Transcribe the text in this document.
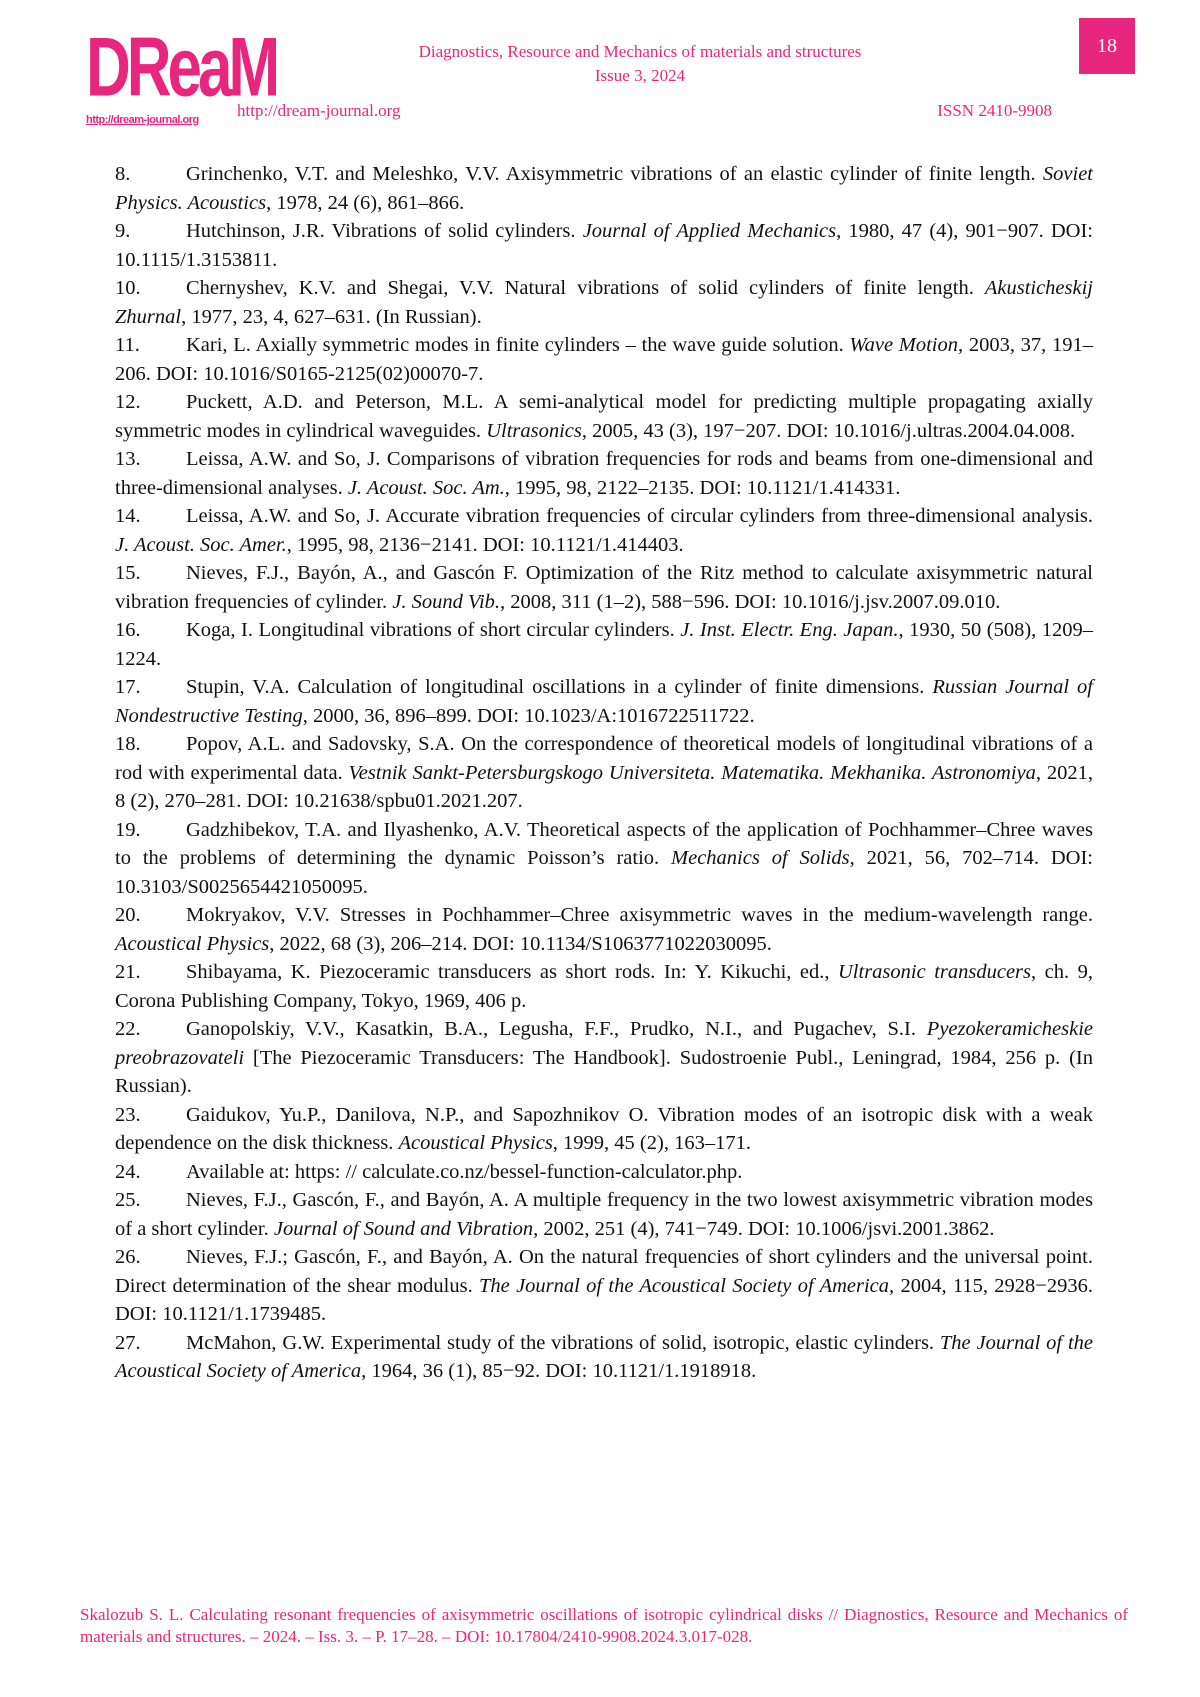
DReaM
http://dream-journal.org
Diagnostics, Resource and Mechanics of materials and structures
Issue 3, 2024
http://dream-journal.org	ISSN 2410-9908
18
8.	Grinchenko, V.T. and Meleshko, V.V. Axisymmetric vibrations of an elastic cylinder of finite length. Soviet Physics. Acoustics, 1978, 24 (6), 861–866.
9.	Hutchinson, J.R. Vibrations of solid cylinders. Journal of Applied Mechanics, 1980, 47 (4), 901−907. DOI: 10.1115/1.3153811.
10. Chernyshev, K.V. and Shegai, V.V. Natural vibrations of solid cylinders of finite length. Akusticheskij Zhurnal, 1977, 23, 4, 627–631. (In Russian).
11. Kari, L. Axially symmetric modes in finite cylinders – the wave guide solution. Wave Motion, 2003, 37, 191–206. DOI: 10.1016/S0165-2125(02)00070-7.
12. Puckett, A.D. and Peterson, M.L. A semi-analytical model for predicting multiple propagating axially symmetric modes in cylindrical waveguides. Ultrasonics, 2005, 43 (3), 197−207. DOI: 10.1016/j.ultras.2004.04.008.
13. Leissa, A.W. and So, J. Comparisons of vibration frequencies for rods and beams from one-dimensional and three-dimensional analyses. J. Acoust. Soc. Am., 1995, 98, 2122–2135. DOI: 10.1121/1.414331.
14. Leissa, A.W. and So, J. Accurate vibration frequencies of circular cylinders from three-dimensional analysis. J. Acoust. Soc. Amer., 1995, 98, 2136−2141. DOI: 10.1121/1.414403.
15. Nieves, F.J., Bayón, A., and Gascón F. Optimization of the Ritz method to calculate axisymmetric natural vibration frequencies of cylinder. J. Sound Vib., 2008, 311 (1–2), 588−596. DOI: 10.1016/j.jsv.2007.09.010.
16. Koga, I. Longitudinal vibrations of short circular cylinders. J. Inst. Electr. Eng. Japan., 1930, 50 (508), 1209–1224.
17. Stupin, V.A. Calculation of longitudinal oscillations in a cylinder of finite dimensions. Russian Journal of Nondestructive Testing, 2000, 36, 896–899. DOI: 10.1023/A:1016722511722.
18. Popov, A.L. and Sadovsky, S.A. On the correspondence of theoretical models of longitudinal vibrations of a rod with experimental data. Vestnik Sankt-Petersburgskogo Universiteta. Matematika. Mekhanika. Astronomiya, 2021, 8 (2), 270–281. DOI: 10.21638/spbu01.2021.207.
19. Gadzhibekov, T.A. and Ilyashenko, A.V. Theoretical aspects of the application of Pochhammer–Chree waves to the problems of determining the dynamic Poisson’s ratio. Mechanics of Solids, 2021, 56, 702–714. DOI: 10.3103/S0025654421050095.
20. Mokryakov, V.V. Stresses in Pochhammer–Chree axisymmetric waves in the medium-wavelength range. Acoustical Physics, 2022, 68 (3), 206–214. DOI: 10.1134/S1063771022030095.
21. Shibayama, K. Piezoceramic transducers as short rods. In: Y. Kikuchi, ed., Ultrasonic transducers, ch. 9, Corona Publishing Company, Tokyo, 1969, 406 p.
22. Ganopolskiy, V.V., Kasatkin, B.A., Legusha, F.F., Prudko, N.I., and Pugachev, S.I. Pyezokeramicheskie preobrazovateli [The Piezoceramic Transducers: The Handbook]. Sudostroenie Publ., Leningrad, 1984, 256 p. (In Russian).
23. Gaidukov, Yu.P., Danilova, N.P., and Sapozhnikov O. Vibration modes of an isotropic disk with a weak dependence on the disk thickness. Acoustical Physics, 1999, 45 (2), 163–171.
24. Available at: https: // calculate.co.nz/bessel-function-calculator.php.
25. Nieves, F.J., Gascón, F., and Bayón, A. A multiple frequency in the two lowest axisymmetric vibration modes of a short cylinder. Journal of Sound and Vibration, 2002, 251 (4), 741−749. DOI: 10.1006/jsvi.2001.3862.
26. Nieves, F.J.; Gascón, F., and Bayón, A. On the natural frequencies of short cylinders and the universal point. Direct determination of the shear modulus. The Journal of the Acoustical Society of America, 2004, 115, 2928−2936. DOI: 10.1121/1.1739485.
27. McMahon, G.W. Experimental study of the vibrations of solid, isotropic, elastic cylinders. The Journal of the Acoustical Society of America, 1964, 36 (1), 85−92. DOI: 10.1121/1.1918918.
Skalozub S. L. Calculating resonant frequencies of axisymmetric oscillations of isotropic cylindrical disks // Diagnostics, Resource and Mechanics of materials and structures. – 2024. – Iss. 3. – P. 17–28. – DOI: 10.17804/2410-9908.2024.3.017-028.
